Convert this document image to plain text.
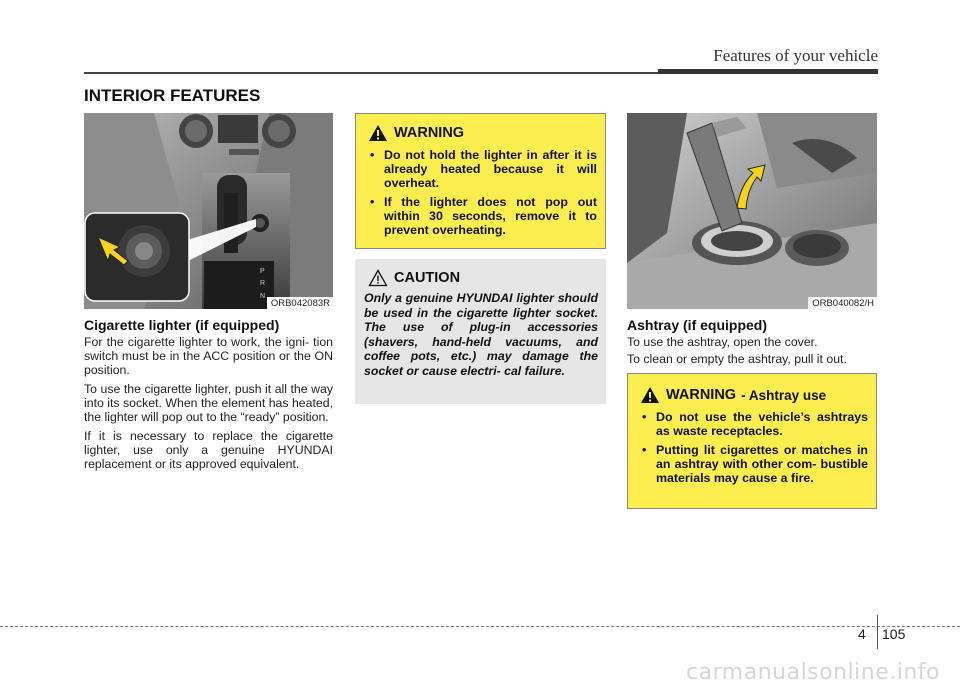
Features of your vehicle
INTERIOR FEATURES
P
R
N
ORB042083R
Cigarette lighter (if equipped)

For the cigarette lighter to work, the igni- tion switch must be in the ACC position or the ON position.

To use the cigarette lighter, push it all the way into its socket. When the element has heated, the lighter will pop out to the “ready” position.

If it is necessary to replace the cigarette lighter, use only a genuine HYUNDAI replacement or its approved equivalent.

WARNING
• Do not hold the lighter in after it is already heated because it will overheat.
• If the lighter does not pop out within 30 seconds, remove it to prevent overheating.
CAUTION
Only a genuine HYUNDAI lighter should be used in the cigarette lighter socket. The use of plug-in accessories (shavers, hand-held vacuums, and coffee pots, etc.) may damage the socket or cause electri- cal failure.
ORB040082/H
Ashtray (if equipped)

To use the ashtray, open the cover.

To clean or empty the ashtray, pull it out.

WARNING - Ashtray use
• Do not use the vehicle’s ashtrays as waste receptacles.
• Putting lit cigarettes or matches in an ashtray with other com- bustible materials may cause a fire.
4 105
carmanualsonline.info
